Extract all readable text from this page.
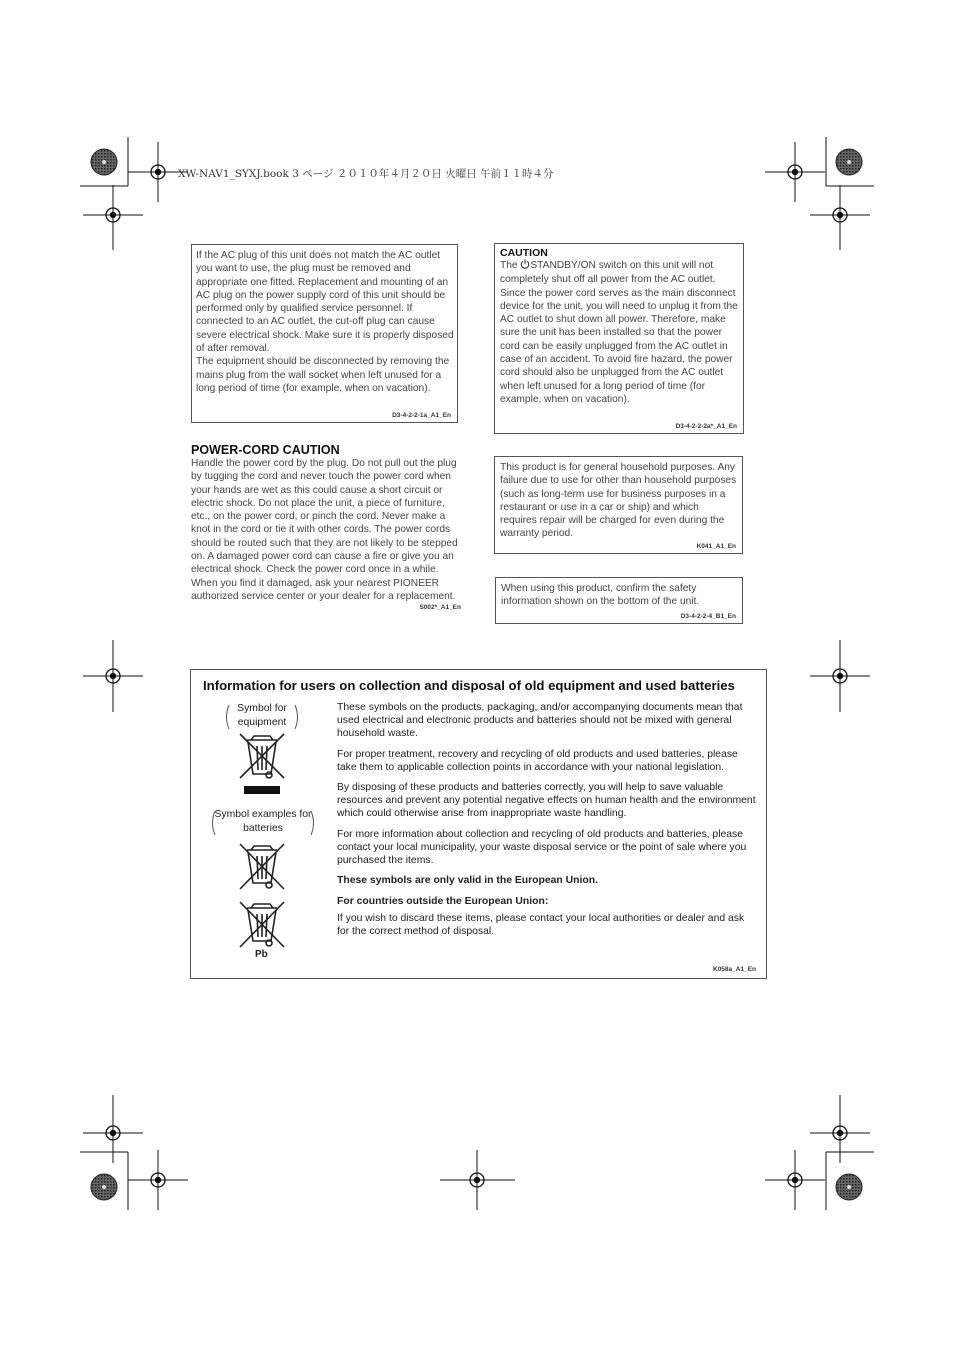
XW-NAV1_SYXJ.book 3 ページ ２０１０年４月２０日 火曜日 午前１１時４分

If the AC plug of this unit does not match the AC outlet you want to use, the plug must be removed and appropriate one fitted. Replacement and mounting of an AC plug on the power supply cord of this unit should be performed only by qualified service personnel. If connected to an AC outlet, the cut-off plug can cause severe electrical shock. Make sure it is properly disposed of after removal.

The equipment should be disconnected by removing the mains plug from the wall socket when left unused for a long period of time (for example, when on vacation).

D3-4-2-2-1a_A1_En
CAUTION
The STANDBY/ON switch on this unit will not completely shut off all power from the AC outlet. Since the power cord serves as the main disconnect device for the unit, you will need to unplug it from the AC outlet to shut down all power. Therefore, make sure the unit has been installed so that the power cord can be easily unplugged from the AC outlet in case of an accident. To avoid fire hazard, the power cord should also be unplugged from the AC outlet when left unused for a long period of time (for example, when on vacation).
D3-4-2-2-2a*_A1_En
POWER-CORD CAUTION
Handle the power cord by the plug. Do not pull out the plug by tugging the cord and never touch the power cord when your hands are wet as this could cause a short circuit or electric shock. Do not place the unit, a piece of furniture, etc., on the power cord, or pinch the cord. Never make a knot in the cord or tie it with other cords. The power cords should be routed such that they are not likely to be stepped on. A damaged power cord can cause a fire or give you an electrical shock. Check the power cord once in a while. When you find it damaged, ask your nearest PIONEER authorized service center or your dealer for a replacement.
S002*_A1_En
This product is for general household purposes. Any failure due to use for other than household purposes (such as long-term use for business purposes in a restaurant or use in a car or ship) and which requires repair will be charged for even during the warranty period.
K041_A1_En
When using this product, confirm the safety information shown on the bottom of the unit.
D3-4-2-2-4_B1_En
Information for users on collection and disposal of old equipment and used batteries
Symbol for equipment
Symbol examples for batteries
Pb

These symbols on the products, packaging, and/or accompanying documents mean that used electrical and electronic products and batteries should not be mixed with general household waste.

For proper treatment, recovery and recycling of old products and used batteries, please take them to applicable collection points in accordance with your national legislation.

By disposing of these products and batteries correctly, you will help to save valuable resources and prevent any potential negative effects on human health and the environment which could otherwise arise from inappropriate waste handling.

For more information about collection and recycling of old products and batteries, please contact your local municipality, your waste disposal service or the point of sale where you purchased the items.

These symbols are only valid in the European Union.

For countries outside the European Union:

If you wish to discard these items, please contact your local authorities or dealer and ask for the correct method of disposal.

K058a_A1_En
